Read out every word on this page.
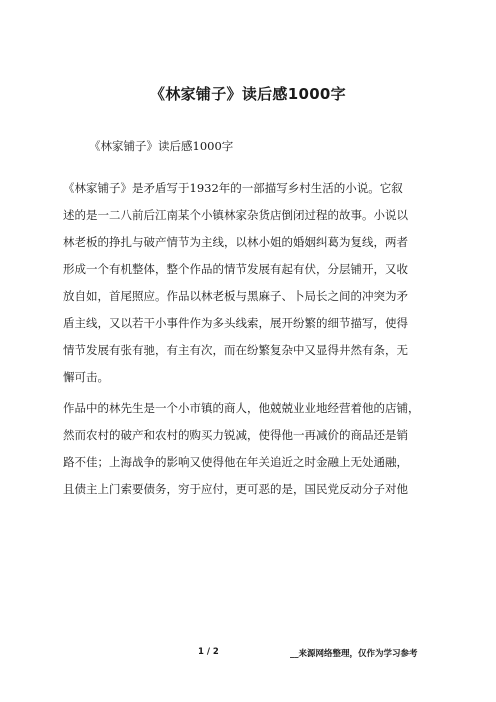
《林家铺子》读后感1000字
《林家铺子》读后感1000字
《林家铺子》是矛盾写于1932年的一部描写乡村生活的小说。它叙
述的是一二八前后江南某个小镇林家杂货店倒闭过程的故事。小说以
林老板的挣扎与破产情节为主线，以林小姐的婚姻纠葛为复线，两者
形成一个有机整体，整个作品的情节发展有起有伏，分层铺开，又收
放自如，首尾照应。作品以林老板与黑麻子、卜局长之间的冲突为矛
盾主线，又以若干小事件作为多头线索，展开纷繁的细节描写，使得
情节发展有张有驰，有主有次，而在纷繁复杂中又显得井然有条，无
懈可击。
作品中的林先生是一个小市镇的商人，他兢兢业业地经营着他的店铺，
然而农村的破产和农村的购买力锐减，使得他一再减价的商品还是销
路不佳；上海战争的影响又使得他在年关追近之时金融上无处通融，
且债主上门索要债务，穷于应付，更可恶的是，国民党反动分子对他
1 / 2	__来源网络整理，仅作为学习参考
